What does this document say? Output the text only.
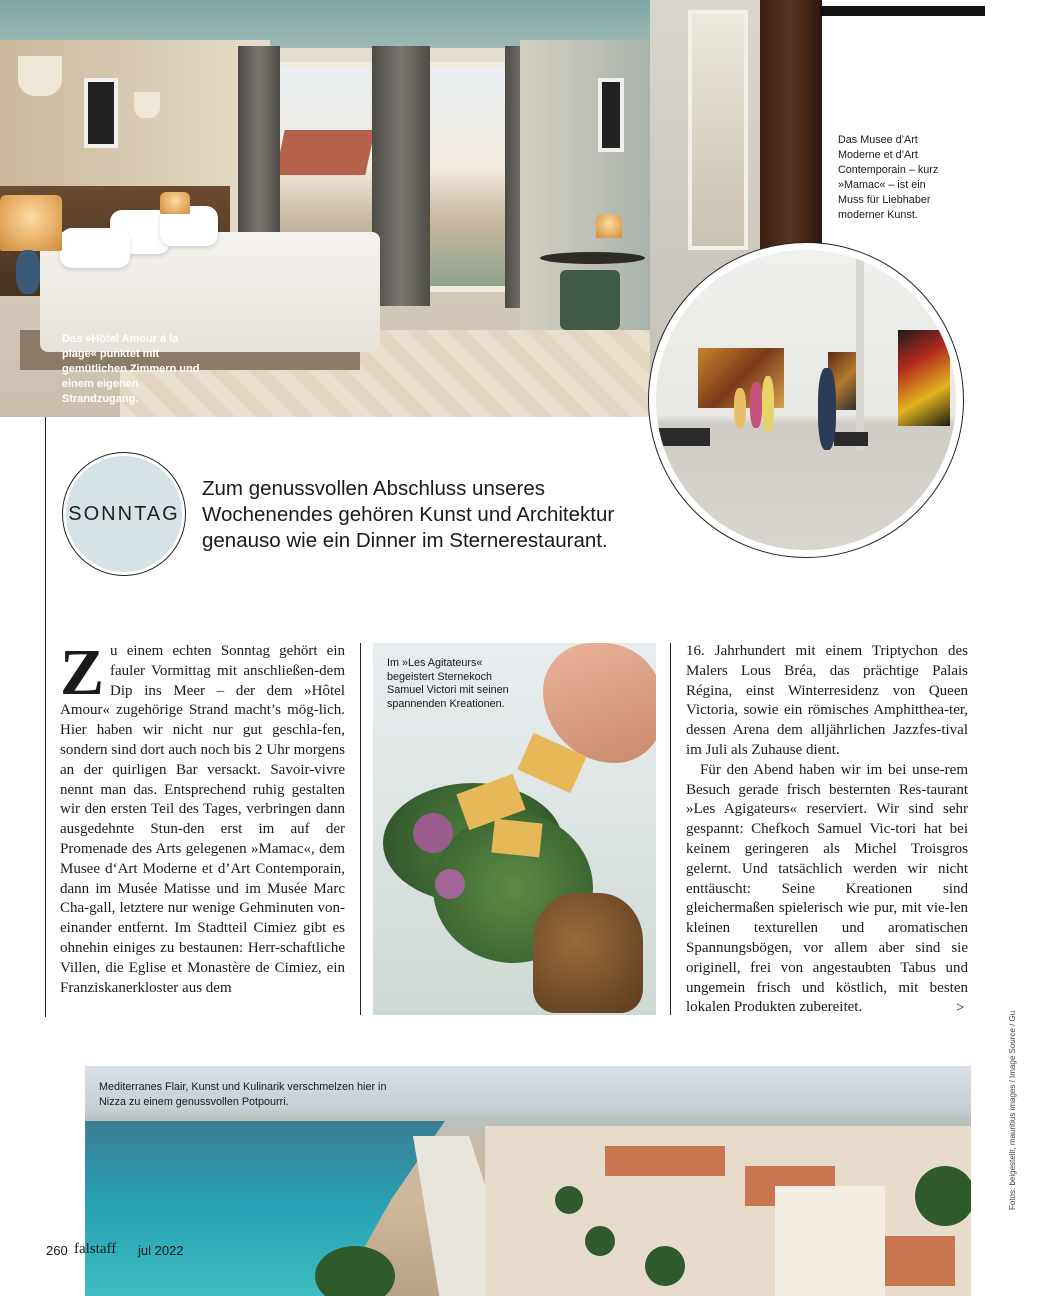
Das »Hôtel Amour á la plage« punktet mit gemütlichen Zimmern und einem eigenen Strandzugang.
Das Musee d’Art Moderne et d’Art Contemporain – kurz »Mamac« – ist ein Muss für Liebhaber moderner Kunst.
SONNTAG
Zum genussvollen Abschluss unseres Wochenendes gehören Kunst und Architektur genauso wie ein Dinner im Sternerestaurant.
Zu einem echten Sonntag gehört ein fauler Vormittag mit anschließen-dem Dip ins Meer – der dem »Hôtel Amour« zugehörige Strand macht’s mög-lich. Hier haben wir nicht nur gut geschla-fen, sondern sind dort auch noch bis 2 Uhr morgens an der quirligen Bar versackt. Savoir-vivre nennt man das. Entsprechend ruhig gestalten wir den ersten Teil des Tages, verbringen dann ausgedehnte Stun-den erst im auf der Promenade des Arts gelegenen »Mamac«, dem Musee d‘Art Moderne et d’Art Contemporain, dann im Musée Matisse und im Musée Marc Cha-gall, letztere nur wenige Gehminuten von-einander entfernt. Im Stadtteil Cimiez gibt es ohnehin einiges zu bestaunen: Herr-schaftliche Villen, die Eglise et Monastère de Cimiez, ein Franziskanerkloster aus dem
Im »Les Agitateurs« begeistert Sternekoch Samuel Victori mit seinen spannenden Kreationen.
16. Jahrhundert mit einem Triptychon des Malers Lous Bréa, das prächtige Palais Régina, einst Winterresidenz von Queen Victoria, sowie ein römisches Amphitthea-ter, dessen Arena dem alljährlichen Jazzfes-tival im Juli als Zuhause dient.
Für den Abend haben wir im bei unse-rem Besuch gerade frisch besternten Res-taurant »Les Agigateurs« reserviert. Wir sind sehr gespannt: Chefkoch Samuel Vic-tori hat bei keinem geringeren als Michel Troisgros gelernt. Und tatsächlich werden wir nicht enttäuscht: Seine Kreationen sind gleichermaßen spielerisch wie pur, mit vie-len kleinen texturellen und aromatischen Spannungsbögen, vor allem aber sind sie originell, frei von angestaubten Tabus und ungemein frisch und köstlich, mit besten lokalen Produkten zubereitet.	>
Mediterranes Flair, Kunst und Kulinarik verschmelzen hier in Nizza zu einem genussvollen Potpourri.
260 falstaff jul 2022
Fotos: beigestellt, mauritius images / Image Source / Gu
